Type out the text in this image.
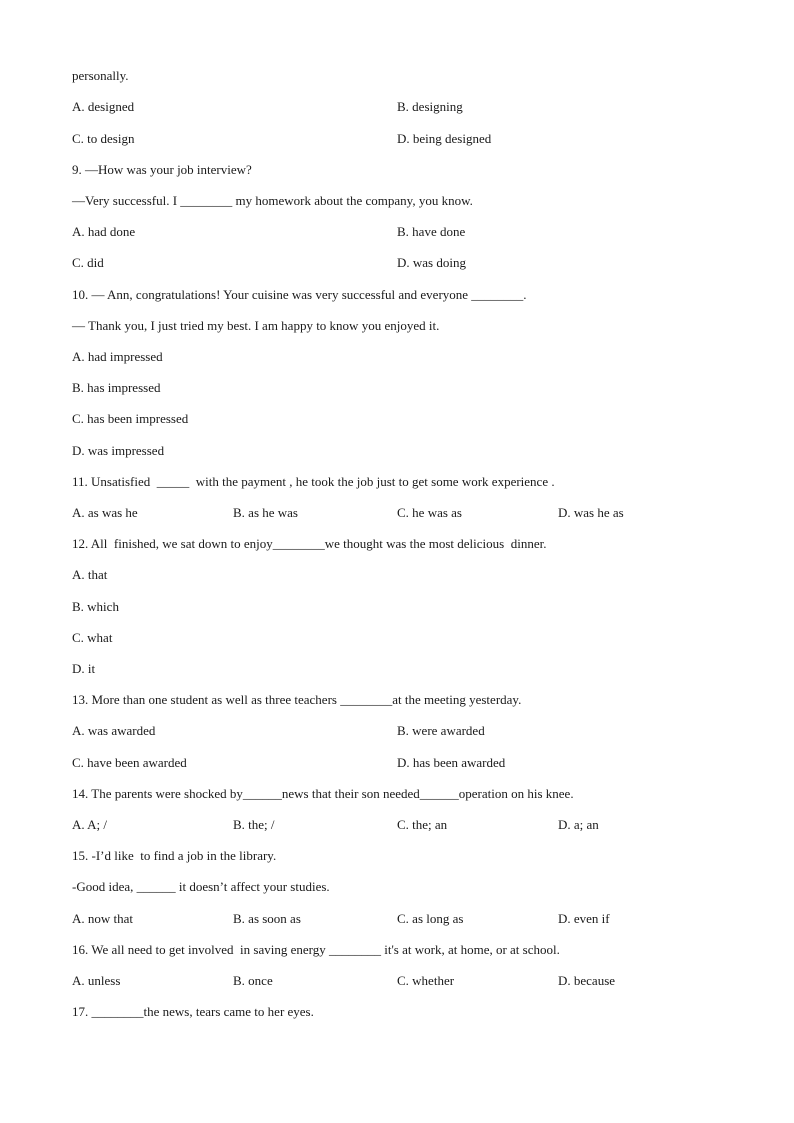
personally.
A. designed	B. designing
C. to design	D. being designed
9. —How was your job interview?
—Very successful. I ________ my homework about the company, you know.
A. had done	B. have done
C. did	D. was doing
10. — Ann, congratulations! Your cuisine was very successful and everyone ________.
— Thank you, I just tried my best. I am happy to know you enjoyed it.
A. had impressed
B. has impressed
C. has been impressed
D. was impressed
11. Unsatisfied  _____  with the payment , he took the job just to get some work experience .
A. as was he	B. as he was	C. he was as	D. was he as
12. All  finished, we sat down to enjoy________we thought was the most delicious  dinner.
A. that
B. which
C. what
D. it
13. More than one student as well as three teachers ________at the meeting yesterday.
A. was awarded	B. were awarded
C. have been awarded	D. has been awarded
14. The parents were shocked by______news that their son needed______operation on his knee.
A. A; /	B. the; /	C. the; an	D. a; an
15. -I’d like  to find a job in the library.
-Good idea, ______ it doesn’t affect your studies.
A. now that	B. as soon as	C. as long as	D. even if
16. We all need to get involved  in saving energy ________ it's at work, at home, or at school.
A. unless	B. once	C. whether	D. because
17. ________the news, tears came to her eyes.
